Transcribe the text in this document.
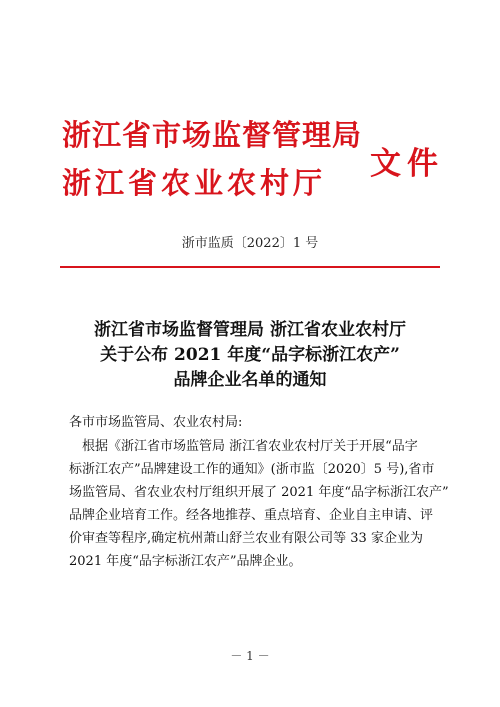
浙江省市场监督管理局
浙江省农业农村厅
文件
浙市监质〔2022〕1 号
浙江省市场监督管理局 浙江省农业农村厅
关于公布 2021 年度“品字标浙江农产”
品牌企业名单的通知
各市市场监管局、农业农村局:
根据《浙江省市场监管局 浙江省农业农村厅关于开展“品字
标浙江农产”品牌建设工作的通知》(浙市监〔2020〕5 号),省市
场监管局、省农业农村厅组织开展了 2021 年度“品字标浙江农产”
品牌企业培育工作。经各地推荐、重点培育、企业自主申请、评
价审查等程序,确定杭州萧山舒兰农业有限公司等 33 家企业为
2021 年度“品字标浙江农产”品牌企业。
－ 1 －
